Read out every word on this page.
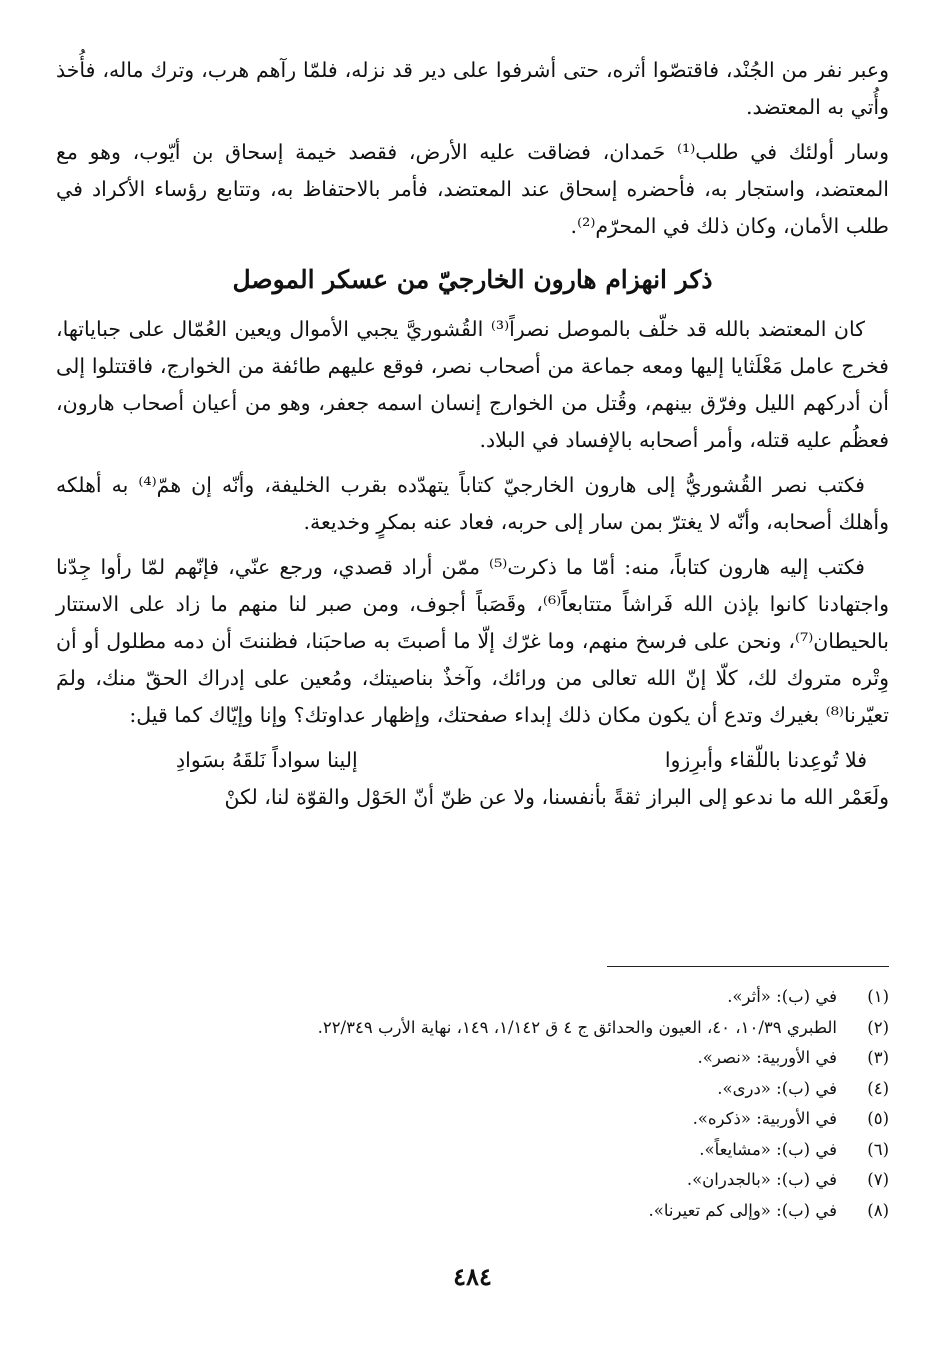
وعبر نفر من الجُنْد، فاقتصّوا أثره، حتى أشرفوا على دير قد نزله، فلمّا رآهم هرب، وترك ماله، فأُخذ وأُتي به المعتضد.

وسار أولئك في طلب⁽¹⁾ حَمدان، فضاقت عليه الأرض، فقصد خيمة إسحاق بن أيّوب، وهو مع المعتضد، واستجار به، فأحضره إسحاق عند المعتضد، فأمر بالاحتفاظ به، وتتابع رؤساء الأكراد في طلب الأمان، وكان ذلك في المحرّم⁽²⁾.

ذكر انهزام هارون الخارجيّ من عسكر الموصل

كان المعتضد بالله قد خلّف بالموصل نصراً⁽³⁾ القُشوريَّ يجبي الأموال ويعين العُمّال على جباياتها، فخرج عامل مَعْلَثايا إليها ومعه جماعة من أصحاب نصر، فوقع عليهم طائفة من الخوارج، فاقتتلوا إلى أن أدركهم الليل وفرّق بينهم، وقُتل من الخوارج إنسان اسمه جعفر، وهو من أعيان أصحاب هارون، فعظُم عليه قتله، وأمر أصحابه بالإفساد في البلاد.

فكتب نصر القُشوريُّ إلى هارون الخارجيّ كتاباً يتهدّده بقرب الخليفة، وأنّه إن همّ⁽⁴⁾ به أهلكه وأهلك أصحابه، وأنّه لا يغترّ بمن سار إلى حربه، فعاد عنه بمكرٍ وخديعة.

فكتب إليه هارون كتاباً، منه: أمّا ما ذكرت⁽⁵⁾ ممّن أراد قصدي، ورجع عنّي، فإنّهم لمّا رأوا جِدّنا واجتهادنا كانوا بإذن الله فَراشاً متتابعاً⁽⁶⁾، وقَصَباً أجوف، ومن صبر لنا منهم ما زاد على الاستتار بالحيطان⁽⁷⁾، ونحن على فرسخ منهم، وما غرّك إلّا ما أصبتَ به صاحبَنا، فظننتَ أن دمه مطلول أو أن وِتْره متروك لك، كلّا إنّ الله تعالى من ورائك، وآخذٌ بناصيتك، ومُعين على إدراك الحقّ منك، ولمَ تعيّرنا⁽⁸⁾ بغيرك وتدع أن يكون مكان ذلك إبداء صفحتك، وإظهار عداوتك؟ وإنا وإيّاك كما قيل:

فلا تُوعِدنا باللّقاء وأبرِزوا
إلينا سواداً نَلقَهُ بسَوادِ

ولَعَمْر الله ما ندعو إلى البراز ثقةً بأنفسنا، ولا عن ظنّ أنّ الحَوْل والقوّة لنا، لكنْ

(١)
في (ب): «أثر».
(٢)
الطبري ١٠/٣٩، ٤٠، العيون والحدائق ج ٤ ق ١/١٤٢، ١٤٩، نهاية الأرب ٢٢/٣٤٩.
(٣)
في الأوربية: «نصر».
(٤)
في (ب): «درى».
(٥)
في الأوربية: «ذكره».
(٦)
في (ب): «مشايعاً».
(٧)
في (ب): «بالجدران».
(٨)
في (ب): «وإلى كم تعيرنا».
٤٨٤
